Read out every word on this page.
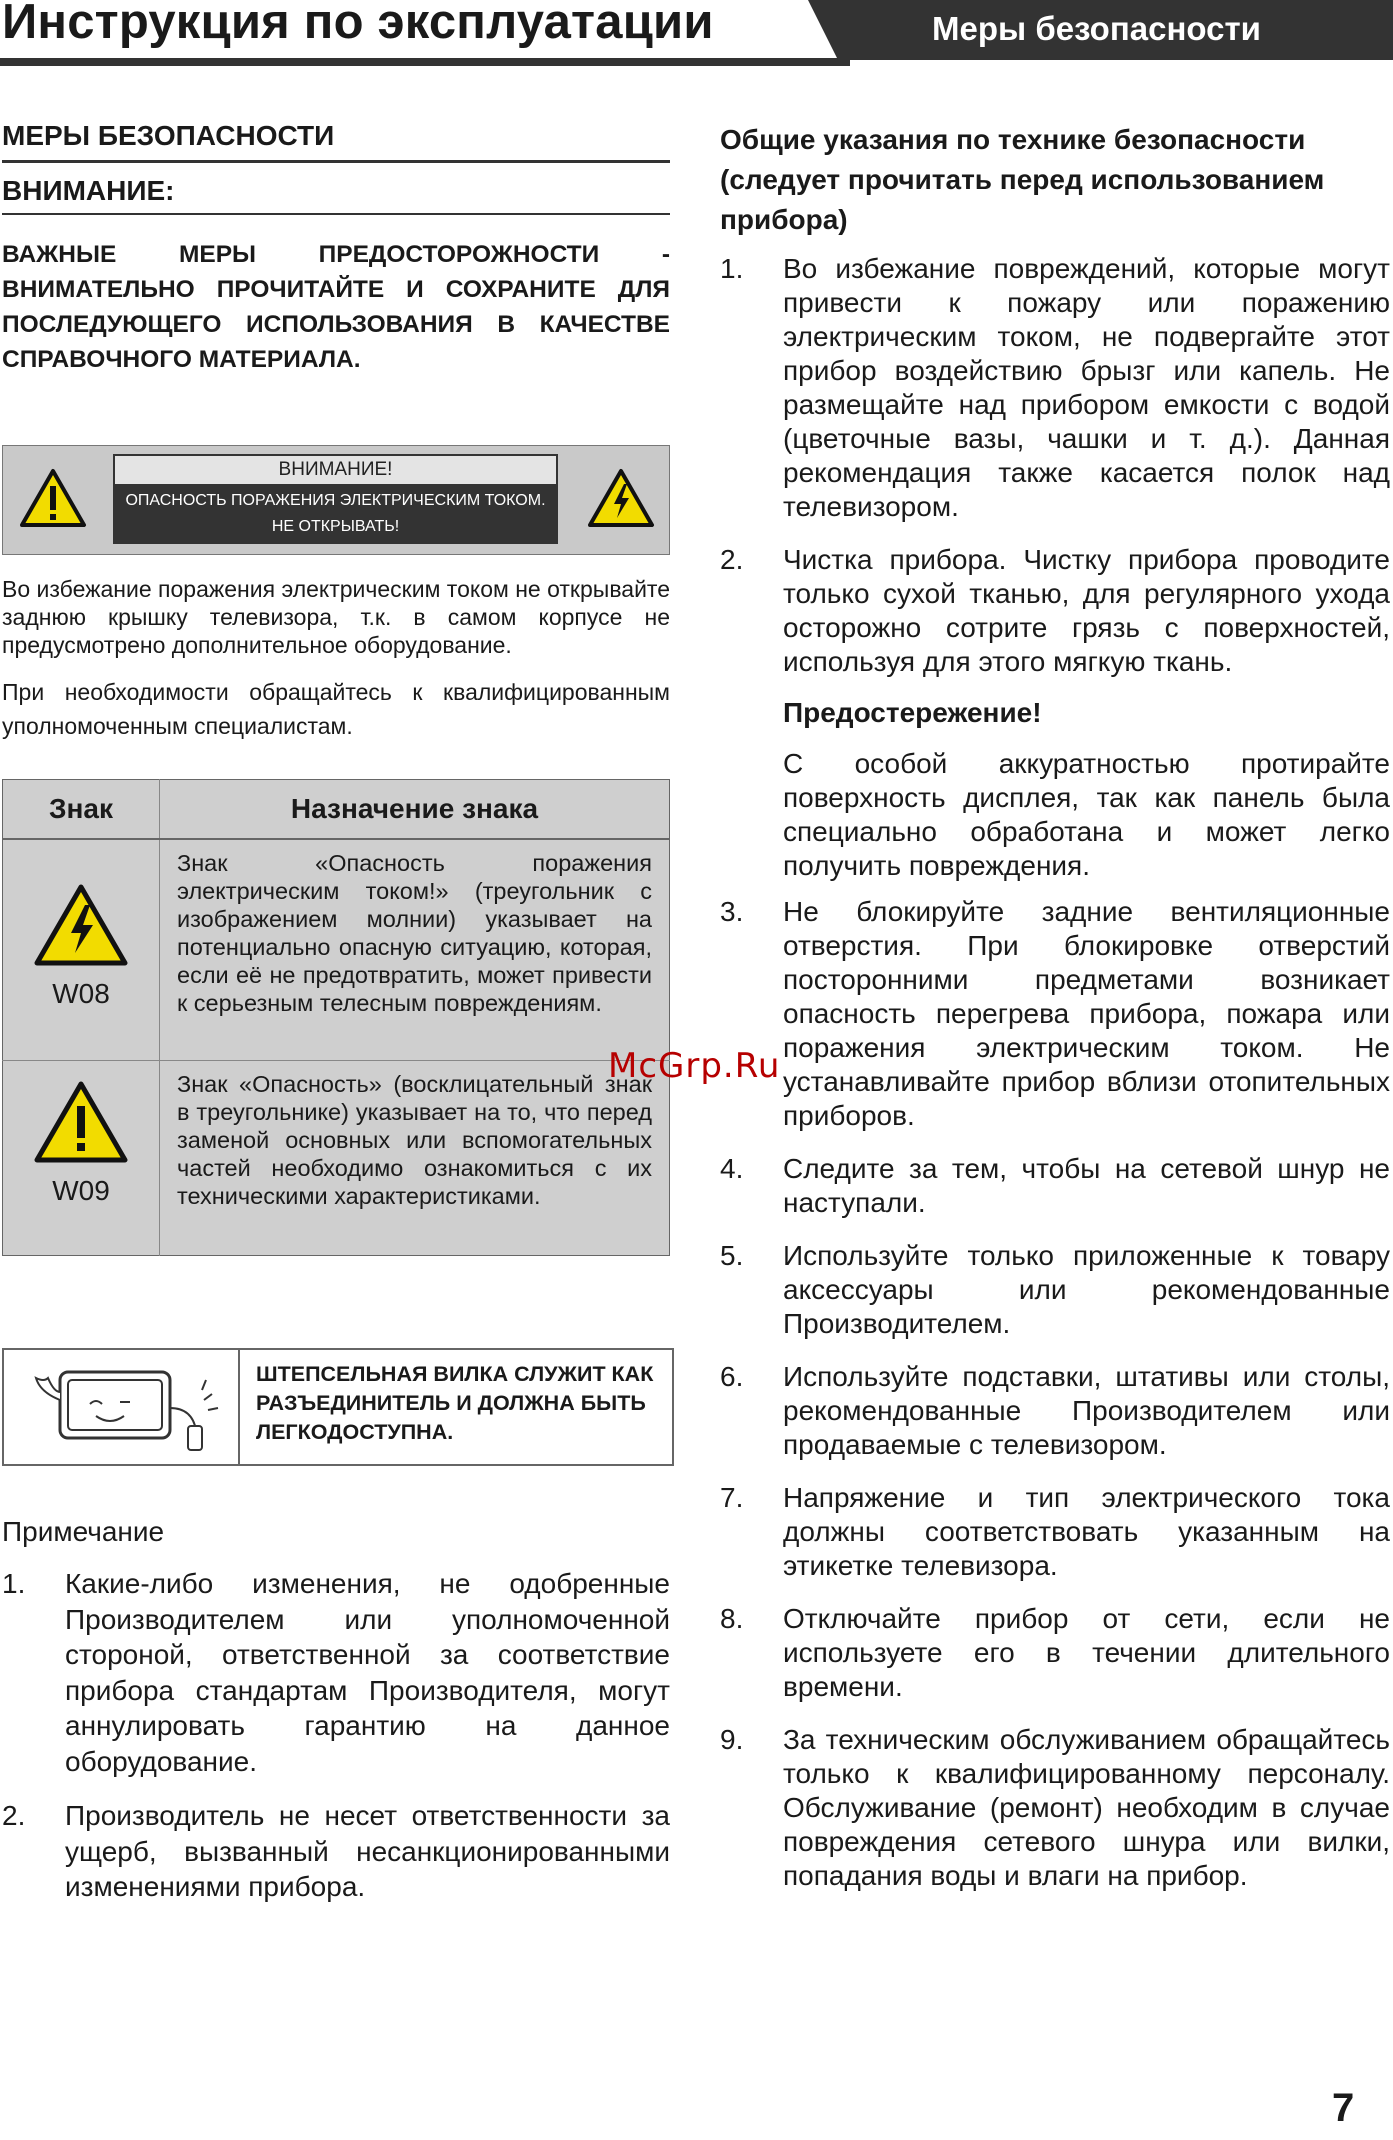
Инструкция по эксплуатации	Меры безопасности
МЕРЫ БЕЗОПАСНОСТИ
ВНИМАНИЕ:

ВАЖНЫЕ МЕРЫ ПРЕДОСТОРОЖНОСТИ - ВНИМАТЕЛЬНО ПРОЧИТАЙТЕ И СОХРАНИТЕ ДЛЯ ПОСЛЕДУЮЩЕГО ИСПОЛЬЗОВАНИЯ В КАЧЕСТВЕ СПРАВОЧНОГО МАТЕРИАЛА.

ВНИМАНИЕ!
ОПАСНОСТЬ ПОРАЖЕНИЯ ЭЛЕКТРИЧЕСКИМ ТОКОМ.
НЕ ОТКРЫВАТЬ!

Во избежание поражения электрическим током не открывайте заднюю крышку телевизора, т.к. в самом корпусе не предусмотрено дополнительное оборудование.

При необходимости обращайтесь к квалифицированным уполномоченным специалистам.

Знак	Назначение знака

W08	Знак «Опасность поражения электрическим током!» (треугольник с изображением молнии) указывает на потенциально опасную ситуацию, которая, если её не предотвратить, может привести к серьезным телесным повреждениям.

W09	Знак «Опасность» (восклицательный знак в треугольнике) указывает на то, что перед заменой основных или вспомогательных частей необходимо ознакомиться с их техническими характеристиками.
ШТЕПСЕЛЬНАЯ ВИЛКА СЛУЖИТ КАК РАЗЪЕДИНИТЕЛЬ И ДОЛЖНА БЫТЬ ЛЕГКОДОСТУПНА.
Примечание
1. Какие-либо изменения, не одобренные Производителем или уполномоченной стороной, ответственной за соответствие прибора стандартам Производителя, могут аннулировать гарантию на данное оборудование.
2. Производитель не несет ответственности за ущерб, вызванный несанкционированными изменениями прибора.
Общие указания по технике безопасности (следует прочитать перед использованием прибора)
1. Во избежание повреждений, которые могут привести к пожару или поражению электрическим током, не подвергайте этот прибор воздействию брызг или капель. Не размещайте над прибором емкости с водой (цветочные вазы, чашки и т. д.). Данная рекомендация также касается полок над телевизором.
2. Чистка прибора. Чистку прибора проводите только сухой тканью, для регулярного ухода осторожно сотрите грязь с поверхностей, используя для этого мягкую ткань.
Предостережение!
С особой аккуратностью протирайте поверхность дисплея, так как панель была специально обработана и может легко получить повреждения.
3. Не блокируйте задние вентиляционные отверстия. При блокировке отверстий посторонними предметами возникает опасность перегрева прибора, пожара или поражения электрическим током. Не устанавливайте прибор вблизи отопительных приборов.
4. Следите за тем, чтобы на сетевой шнур не наступали.
5. Используйте только приложенные к товару аксессуары или рекомендованные Производителем.
6. Используйте подставки, штативы или столы, рекомендованные Производителем или продаваемые с телевизором.
7. Напряжение и тип электрического тока должны соответствовать указанным на этикетке телевизора.
8. Отключайте прибор от сети, если не используете его в течении длительного времени.
9. За техническим обслуживанием обращайтесь только к квалифицированному персоналу. Обслуживание (ремонт) необходим в случае повреждения сетевого шнура или вилки, попадания воды и влаги на прибор.
McGrp.Ru
7
